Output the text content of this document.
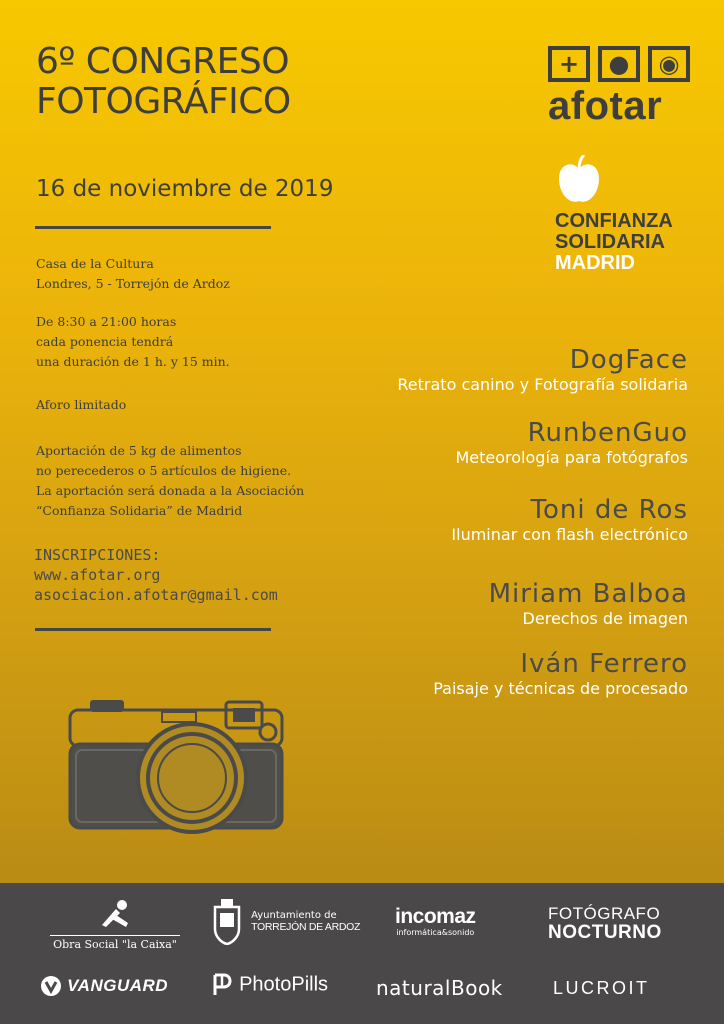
6º CONGRESO
FOTOGRÁFICO
16 de noviembre de 2019
Casa de la Cultura
Londres, 5 - Torrejón de Ardoz
De 8:30 a 21:00 horas
cada ponencia tendrá
una duración de 1 h. y 15 min.
Aforo limitado
Aportación de 5 kg de alimentos
no perecederos o 5 artículos de higiene.
La aportación será donada a la Asociación
“Confianza Solidaria” de Madrid
INSCRIPCIONES:
www.afotar.org
asociacion.afotar@gmail.com
+	●	◉
afotar
CONFIANZA
SOLIDARIA
MADRID
DogFace
Retrato canino y Fotografía solidaria
RunbenGuo
Meteorología para fotógrafos
Toni de Ros
Iluminar con flash electrónico
Miriam Balboa
Derechos de imagen
Iván Ferrero
Paisaje y técnicas de procesado
Obra Social "la Caixa"

Ayuntamiento de
TORREJÓN DE ARDOZ incomaz
informática&sonido
FOTÓGRAFO
NOCTURNO
VANGUARD	PhotoPills naturalBook	LUCROIT
